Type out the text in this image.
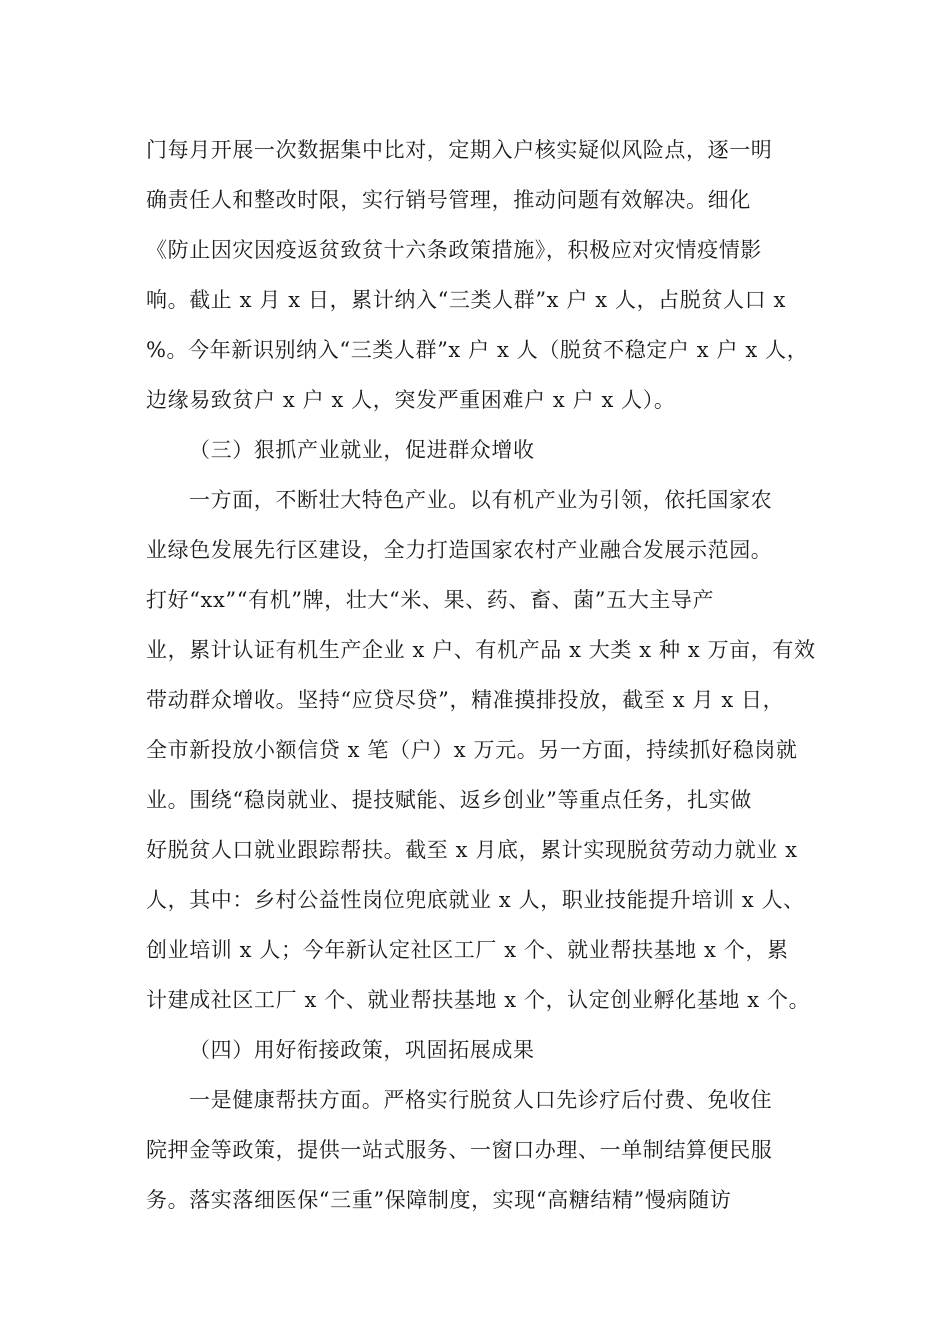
门每月开展一次数据集中比对，定期入户核实疑似风险点，逐一明
确责任人和整改时限，实行销号管理，推动问题有效解决。细化
《防止因灾因疫返贫致贫十六条政策措施》，积极应对灾情疫情影
响。截止 x 月 x 日，累计纳入“三类人群”x 户 x 人，占脱贫人口 x
%。今年新识别纳入“三类人群”x 户 x 人（脱贫不稳定户 x 户 x 人，
边缘易致贫户 x 户 x 人，突发严重困难户 x 户 x 人）。
（三）狠抓产业就业，促进群众增收
一方面，不断壮大特色产业。以有机产业为引领，依托国家农
业绿色发展先行区建设，全力打造国家农村产业融合发展示范园。
打好“xx”“有机”牌，壮大“米、果、药、畜、菌”五大主导产
业，累计认证有机生产企业 x 户、有机产品 x 大类 x 种 x 万亩，有效
带动群众增收。坚持“应贷尽贷”，精准摸排投放，截至 x 月 x 日，
全市新投放小额信贷 x 笔（户）x 万元。另一方面，持续抓好稳岗就
业。围绕“稳岗就业、提技赋能、返乡创业”等重点任务，扎实做
好脱贫人口就业跟踪帮扶。截至 x 月底，累计实现脱贫劳动力就业 x
人，其中：乡村公益性岗位兜底就业 x 人，职业技能提升培训 x 人、
创业培训 x 人；今年新认定社区工厂 x 个、就业帮扶基地 x 个，累
计建成社区工厂 x 个、就业帮扶基地 x 个，认定创业孵化基地 x 个。
（四）用好衔接政策，巩固拓展成果
一是健康帮扶方面。严格实行脱贫人口先诊疗后付费、免收住
院押金等政策，提供一站式服务、一窗口办理、一单制结算便民服
务。落实落细医保“三重”保障制度，实现“高糖结精”慢病随访
